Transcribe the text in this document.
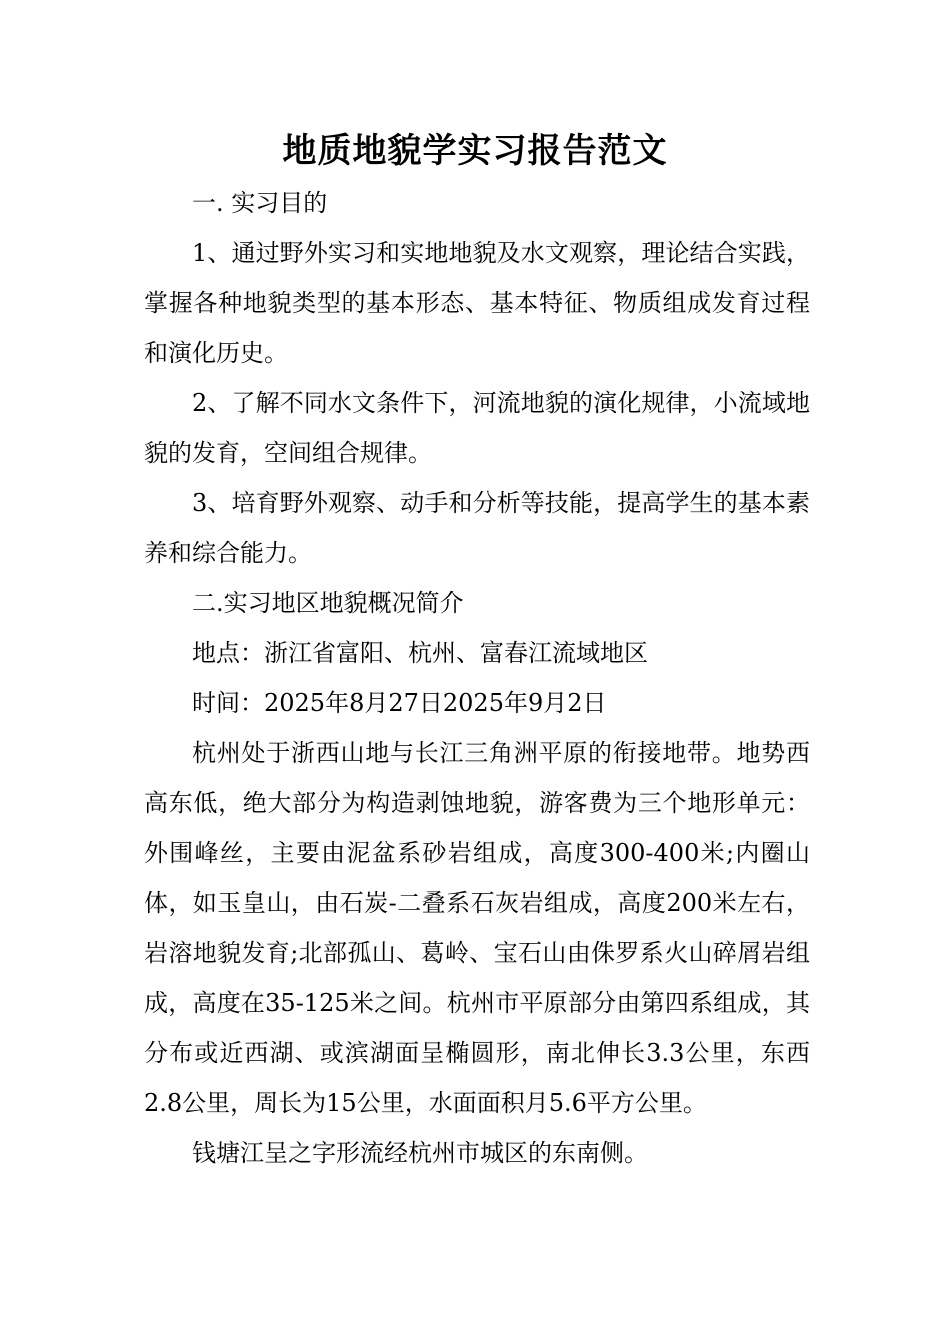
地质地貌学实习报告范文

一. 实习目的

1、通过野外实习和实地地貌及水文观察，理论结合实践，掌握各种地貌类型的基本形态、基本特征、物质组成发育过程和演化历史。

2、了解不同水文条件下，河流地貌的演化规律，小流域地貌的发育，空间组合规律。

3、培育野外观察、动手和分析等技能，提高学生的基本素养和综合能力。

二.实习地区地貌概况简介

地点：浙江省富阳、杭州、富春江流域地区

时间：2025年8月27日2025年9月2日

杭州处于浙西山地与长江三角洲平原的衔接地带。地势西高东低，绝大部分为构造剥蚀地貌，游客费为三个地形单元：外围峰丝，主要由泥盆系砂岩组成，高度300-400米;内圈山体，如玉皇山，由石炭-二叠系石灰岩组成，高度200米左右，岩溶地貌发育;北部孤山、葛岭、宝石山由侏罗系火山碎屑岩组成，高度在35-125米之间。杭州市平原部分由第四系组成，其分布或近西湖、或滨湖面呈椭圆形，南北伸长3.3公里，东西2.8公里，周长为15公里，水面面积月5.6平方公里。

钱塘江呈之字形流经杭州市城区的东南侧。
